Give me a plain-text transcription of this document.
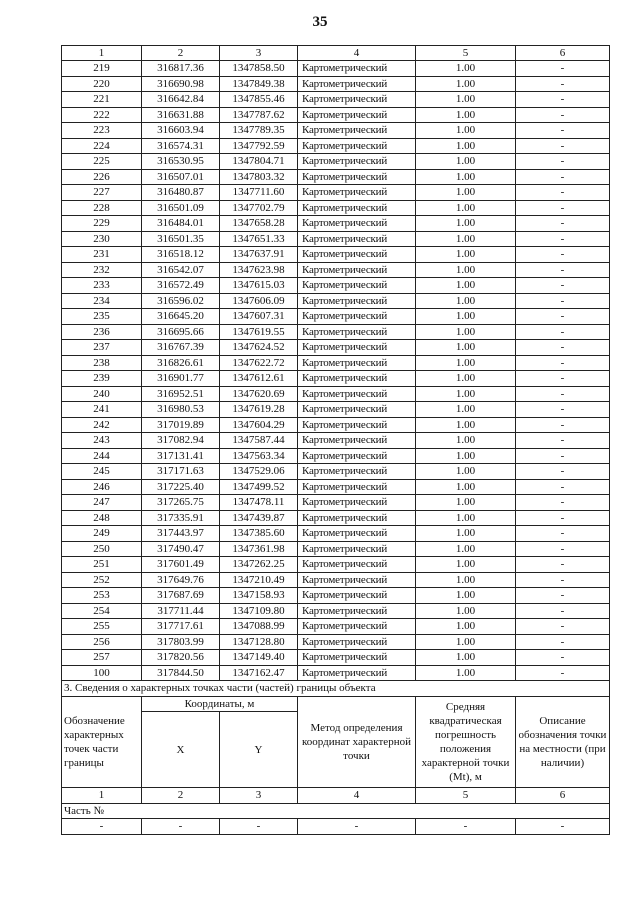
35
1	2	3	4	5	6
219	316817.36	1347858.50	Картометрический	1.00	-
220	316690.98	1347849.38	Картометрический	1.00	-
221	316642.84	1347855.46	Картометрический	1.00	-
222	316631.88	1347787.62	Картометрический	1.00	-
223	316603.94	1347789.35	Картометрический	1.00	-
224	316574.31	1347792.59	Картометрический	1.00	-
225	316530.95	1347804.71	Картометрический	1.00	-
226	316507.01	1347803.32	Картометрический	1.00	-
227	316480.87	1347711.60	Картометрический	1.00	-
228	316501.09	1347702.79	Картометрический	1.00	-
229	316484.01	1347658.28	Картометрический	1.00	-
230	316501.35	1347651.33	Картометрический	1.00	-
231	316518.12	1347637.91	Картометрический	1.00	-
232	316542.07	1347623.98	Картометрический	1.00	-
233	316572.49	1347615.03	Картометрический	1.00	-
234	316596.02	1347606.09	Картометрический	1.00	-
235	316645.20	1347607.31	Картометрический	1.00	-
236	316695.66	1347619.55	Картометрический	1.00	-
237	316767.39	1347624.52	Картометрический	1.00	-
238	316826.61	1347622.72	Картометрический	1.00	-
239	316901.77	1347612.61	Картометрический	1.00	-
240	316952.51	1347620.69	Картометрический	1.00	-
241	316980.53	1347619.28	Картометрический	1.00	-
242	317019.89	1347604.29	Картометрический	1.00	-
243	317082.94	1347587.44	Картометрический	1.00	-
244	317131.41	1347563.34	Картометрический	1.00	-
245	317171.63	1347529.06	Картометрический	1.00	-
246	317225.40	1347499.52	Картометрический	1.00	-
247	317265.75	1347478.11	Картометрический	1.00	-
248	317335.91	1347439.87	Картометрический	1.00	-
249	317443.97	1347385.60	Картометрический	1.00	-
250	317490.47	1347361.98	Картометрический	1.00	-
251	317601.49	1347262.25	Картометрический	1.00	-
252	317649.76	1347210.49	Картометрический	1.00	-
253	317687.69	1347158.93	Картометрический	1.00	-
254	317711.44	1347109.80	Картометрический	1.00	-
255	317717.61	1347088.99	Картометрический	1.00	-
256	317803.99	1347128.80	Картометрический	1.00	-
257	317820.56	1347149.40	Картометрический	1.00	-
100	317844.50	1347162.47	Картометрический	1.00	-
3. Сведения о характерных точках части (частей) границы объекта					
Обозначение характерных точек части границы	Координаты, м		Метод определения координат характерной точки	Средняя квадратическая погрешность положения характерной точки (Mt), м	Описание обозначения точки на местности (при наличии)
	X	Y			
1	2	3	4	5	6
Часть №					
-	-	-	-	-	-
